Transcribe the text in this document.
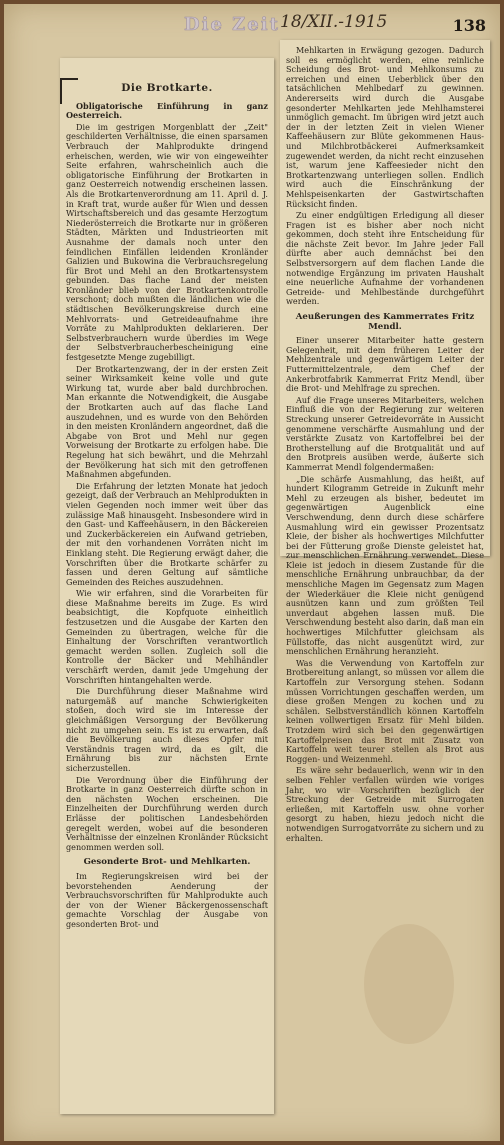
Die Zeit 18/XII.-1915	138

Mehlkarten in Erwägung gezogen. Dadurch soll es ermöglicht werden, eine reinliche Scheidung des Brot- und Mehlkonsums zu erreichen und einen Ueberblick über den tatsächlichen Mehlbedarf zu gewinnen. Andererseits wird durch die Ausgabe gesonderter Mehlkarten jede Mehlhamsterei unmöglich gemacht. Im übrigen wird jetzt auch der in der letzten Zeit in vielen Wiener Kaffeehäusern zur Blüte gekommenen Haus- und Milchbrotbäckerei Aufmerksamkeit zugewendet werden, da nicht recht einzusehen ist, warum jene Kaffeesieder nicht den Brotkartenzwang unterliegen sollen. Endlich wird auch die Einschränkung der Mehlspeisenkarten der Gastwirtschaften Rücksicht finden.

Zu einer endgültigen Erledigung all dieser Fragen ist es bisher aber noch nicht gekommen, doch steht ihre Entscheidung für die nächste Zeit bevor. Im Jahre jeder Fall dürfte aber auch demnächst bei den Selbstversorgern auf dem flachen Lande die notwendige Ergänzung im privaten Haushalt eine neuerliche Aufnahme der vorhandenen Getreide- und Mehlbestände durchgeführt werden.

Aeußerungen des Kammerrates Fritz Mendl.

Einer unserer Mitarbeiter hatte gestern Gelegenheit, mit dem früheren Leiter der Mehlzentrale und gegenwärtigem Leiter der Futtermittelzentrale, dem Chef der Ankerbrotfabrik Kammerrat Fritz Mendl, über die Brot- und Mehlfrage zu sprechen.

Auf die Frage unseres Mitarbeiters, welchen Einfluß die von der Regierung zur weiteren Streckung unserer Getreidevorräte in Aussicht genommene verschärfte Ausmahlung und der verstärkte Zusatz von Kartoffelbrei bei der Brotherstellung auf die Brotqualität und auf den Brotpreis ausüben werde, äußerte sich Kammerrat Mendl folgendermaßen:

„Die schärfe Ausmahlung, das heißt, auf hundert Kilogramm Getreide in Zukunft mehr Mehl zu erzeugen als bisher, bedeutet im gegenwärtigen Augenblick eine Verschwendung, denn durch diese schärfere Ausmahlung wird ein gewisser Prozentsatz Kleie, der bisher als hochwertiges Milchfutter bei der Fütterung große Dienste geleistet hat, zur menschlichen Ernährung verwendet. Diese Kleie ist jedoch in diesem Zustande für die menschliche Ernährung unbrauchbar, da der menschliche Magen im Gegensatz zum Magen der Wiederkäuer die Kleie nicht genügend ausnützen kann und zum größten Teil unverdaut abgehen lassen muß. Die Verschwendung besteht also darin, daß man ein hochwertiges Milchfutter gleichsam als Füllstoffe, das nicht ausgenützt wird, zur menschlichen Ernährung heranzieht.

Was die Verwendung von Kartoffeln zur Brotbereitung anlangt, so müssen vor allem die Kartoffeln zur Versorgung stehen. Sodann müssen Vorrichtungen geschaffen werden, um diese großen Mengen zu kochen und zu schälen. Selbstverständlich können Kartoffeln keinen vollwertigen Ersatz für Mehl bilden. Trotzdem wird sich bei den gegenwärtigen Kartoffelpreisen das Brot mit Zusatz von Kartoffeln weit teurer stellen als Brot aus Roggen- und Weizenmehl.

Es wäre sehr bedauerlich, wenn wir in den selben Fehler verfallen würden wie voriges Jahr, wo wir Vorschriften bezüglich der Streckung der Getreide mit Surrogaten erließen, mit Kartoffeln usw. ohne vorher gesorgt zu haben, hiezu jedoch nicht die notwendigen Surrogatvorräte zu sichern und zu erhalten.

Die Brotkarte.

Obligatorische Einführung in ganz Oesterreich.

Die im gestrigen Morgenblatt der „Zeit" geschilderten Verhältnisse, die einen sparsamen Verbrauch der Mahlprodukte dringend erheischen, werden, wie wir von eingeweihter Seite erfahren, wahrscheinlich auch die obligatorische Einführung der Brotkarten in ganz Oesterreich notwendig erscheinen lassen. Als die Brotkartenverordnung am 11. April d. J. in Kraft trat, wurde außer für Wien und dessen Wirtschaftsbereich und das gesamte Herzogtum Niederösterreich die Brotkarte nur in größeren Städten, Märkten und Industrieorten mit Ausnahme der damals noch unter den feindlichen Einfällen leidenden Kronländer Galizien und Bukowina die Verbrauchsregelung für Brot und Mehl an den Brotkartensystem gebunden. Das flache Land der meisten Kronländer blieb von der Brotkartenkontrolle verschont; doch mußten die ländlichen wie die städtischen Bevölkerungskreise durch eine Mehlvorrats- und Getreideaufnahme ihre Vorräte zu Mahlprodukten deklarieren. Der Selbstverbrauchern wurde überdies im Wege der Selbstverbraucherbescheinigung eine festgesetzte Menge zugebilligt.

Der Brotkartenzwang, der in der ersten Zeit seiner Wirksamkeit keine volle und gute Wirkung tat, wurde aber bald durchbrochen. Man erkannte die Notwendigkeit, die Ausgabe der Brotkarten auch auf das flache Land auszudehnen, und es wurde von den Behörden in den meisten Kronländern angeordnet, daß die Abgabe von Brot und Mehl nur gegen Vorweisung der Brotkarte zu erfolgen habe. Die Regelung hat sich bewährt, und die Mehrzahl der Bevölkerung hat sich mit den getroffenen Maßnahmen abgefunden.

Die Erfahrung der letzten Monate hat jedoch gezeigt, daß der Verbrauch an Mehlprodukten in vielen Gegenden noch immer weit über das zulässige Maß hinausgeht. Insbesondere wird in den Gast- und Kaffeehäusern, in den Bäckereien und Zuckerbäckereien ein Aufwand getrieben, der mit den vorhandenen Vorräten nicht im Einklang steht. Die Regierung erwägt daher, die Vorschriften über die Brotkarte schärfer zu fassen und deren Geltung auf sämtliche Gemeinden des Reiches auszudehnen.

Wie wir erfahren, sind die Vorarbeiten für diese Maßnahme bereits im Zuge. Es wird beabsichtigt, die Kopfquote einheitlich festzusetzen und die Ausgabe der Karten den Gemeinden zu übertragen, welche für die Einhaltung der Vorschriften verantwortlich gemacht werden sollen. Zugleich soll die Kontrolle der Bäcker und Mehlhändler verschärft werden, damit jede Umgehung der Vorschriften hintangehalten werde.

Die Durchführung dieser Maßnahme wird naturgemäß auf manche Schwierigkeiten stoßen, doch wird sie im Interesse der gleichmäßigen Versorgung der Bevölkerung nicht zu umgehen sein. Es ist zu erwarten, daß die Bevölkerung auch dieses Opfer mit Verständnis tragen wird, da es gilt, die Ernährung bis zur nächsten Ernte sicherzustellen.

Die Verordnung über die Einführung der Brotkarte in ganz Oesterreich dürfte schon in den nächsten Wochen erscheinen. Die Einzelheiten der Durchführung werden durch Erlässe der politischen Landesbehörden geregelt werden, wobei auf die besonderen Verhältnisse der einzelnen Kronländer Rücksicht genommen werden soll.

Gesonderte Brot- und Mehlkarten.

Im Regierungskreisen wird bei der bevorstehenden Aenderung der Verbrauchsvorschriften für Mahlprodukte auch der von der Wiener Bäckergenossenschaft gemachte Vorschlag der Ausgabe von gesonderten Brot- und
